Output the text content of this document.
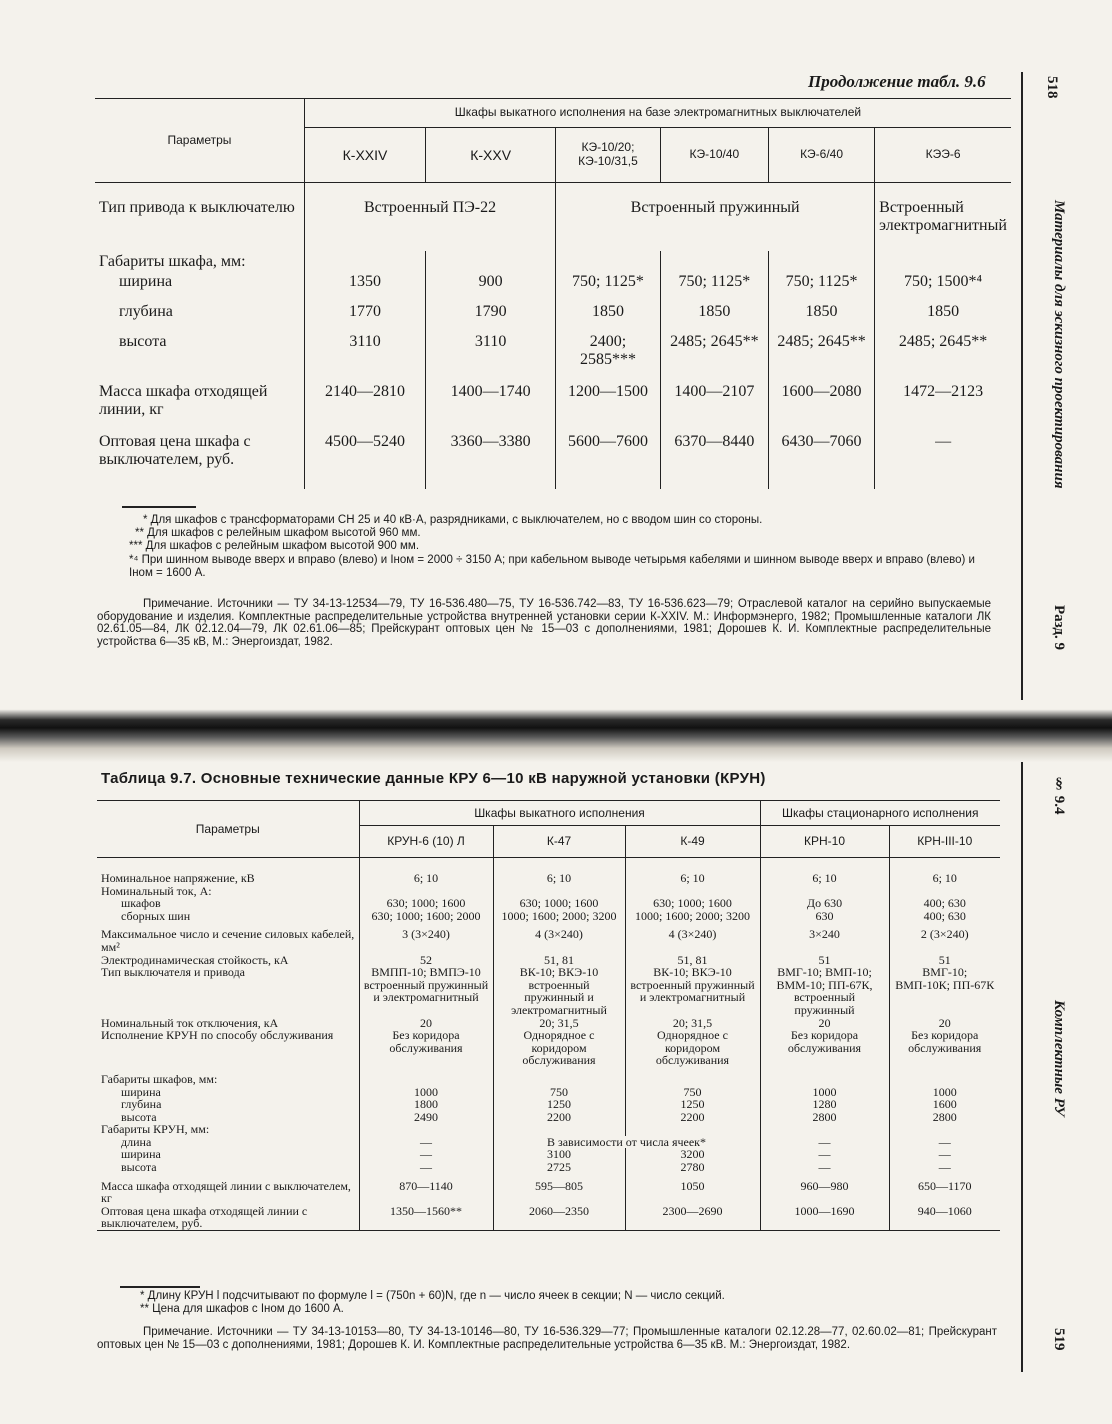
518
Материалы для эскизного проектирования
Разд. 9
§ 9.4
Комплектные РУ
519
Продолжение табл. 9.6
Параметры	Шкафы выкатного исполнения на базе электромагнитных выключателей					
	К-XXIV	К-XXV	КЭ-10/20; КЭ-10/31,5	КЭ-10/40	КЭ-6/40	КЭЭ-6
Тип привода к выключателю	Встроенный ПЭ-22		Встроенный пружинный			Встроенный электромагнитный
Габариты шкафа, мм:						
ширина	1350	900	750; 1125*	750; 1125*	750; 1125*	750; 1500*⁴
глубина	1770	1790	1850	1850	1850	1850
высота	3110	3110	2400; 2585***	2485; 2645**	2485; 2645**	2485; 2645**
Масса шкафа отходящей линии, кг	2140—2810	1400—1740	1200—1500	1400—2107	1600—2080	1472—2123
Оптовая цена шкафа с выключателем, руб.	4500—5240	3360—3380	5600—7600	6370—8440	6430—7060	—
* Для шкафов с трансформаторами СН 25 и 40 кВ·А, разрядниками, с выключателем, но с вводом шин со стороны.
** Для шкафов с релейным шкафом высотой 960 мм.
*** Для шкафов с релейным шкафом высотой 900 мм.
*⁴ При шинном выводе вверх и вправо (влево) и Iном = 2000 ÷ 3150 А; при кабельном выводе четырьмя кабелями и шинном выводе вверх и вправо (влево) и Iном = 1600 А.
Примечание. Источники — ТУ 34-13-12534—79, ТУ 16-536.480—75, ТУ 16-536.742—83, ТУ 16-536.623—79; Отраслевой каталог на серийно выпускаемые оборудование и изделия. Комплектные распределительные устройства внутренней установки серии К-XXIV. М.: Информэнерго, 1982; Промышленные каталоги ЛК 02.61.05—84, ЛК 02.12.04—79, ЛК 02.61.06—85; Прейскурант оптовых цен № 15—03 с дополнениями, 1981; Дорошев К. И. Комплектные распределительные устройства 6—35 кВ, М.: Энергоиздат, 1982.
Таблица 9.7. Основные технические данные КРУ 6—10 кВ наружной установки (КРУН)
Параметры	Шкафы выкатного исполнения			Шкафы стационарного исполнения	
	КРУН-6 (10) Л	К-47	К-49	КРН-10	КРН-III-10
Номинальное напряжение, кВ	6; 10	6; 10	6; 10	6; 10	6; 10
Номинальный ток, А:					
шкафов	630; 1000; 1600	630; 1000; 1600	630; 1000; 1600	До 630	400; 630
сборных шин	630; 1000; 1600; 2000	1000; 1600; 2000; 3200	1000; 1600; 2000; 3200	630	400; 630
Максимальное число и сечение силовых кабелей, мм²	3 (3×240)	4 (3×240)	4 (3×240)	3×240	2 (3×240)
Электродинамическая стойкость, кА	52	51, 81	51, 81	51	51
Тип выключателя и привода	ВМПП-10; ВМПЭ-10 встроенный пружинный и электромагнитный	ВК-10; ВКЭ-10 встроенный пружинный и электромагнитный	ВК-10; ВКЭ-10 встроенный пружинный и электромагнитный	ВМГ-10; ВМП-10; ВММ-10; ПП-67К, встроенный пружинный	ВМГ-10; ВМП-10К; ПП-67К
Номинальный ток отключения, кА	20	20; 31,5	20; 31,5	20	20
Исполнение КРУН по способу обслуживания	Без коридора обслуживания	Однорядное с коридором обслуживания	Однорядное с коридором обслуживания	Без коридора обслуживания	Без коридора обслуживания
Габариты шкафов, мм:					
ширина	1000	750	750	1000	1000
глубина	1800	1250	1250	1280	1600
высота	2490	2200	2200	2800	2800
Габариты КРУН, мм:					
длина	—	В зависимости от числа ячеек*		—	—
ширина	—	3100	3200	—	—
высота	—	2725	2780	—	—
Масса шкафа отходящей линии с выключателем, кг	870—1140	595—805	1050	960—980	650—1170
Оптовая цена шкафа отходящей линии с выключателем, руб.	1350—1560**	2060—2350	2300—2690	1000—1690	940—1060

* Длину КРУН l подсчитывают по формуле l = (750n + 60)N, где n — число ячеек в секции; N — число секций.
** Цена для шкафов с Iном до 1600 А.
Примечание. Источники — ТУ 34-13-10153—80, ТУ 34-13-10146—80, ТУ 16-536.329—77; Промышленные каталоги 02.12.28—77, 02.60.02—81; Прейскурант оптовых цен № 15—03 с дополнениями, 1981; Дорошев К. И. Комплектные распределительные устройства 6—35 кВ. М.: Энергоиздат, 1982.
